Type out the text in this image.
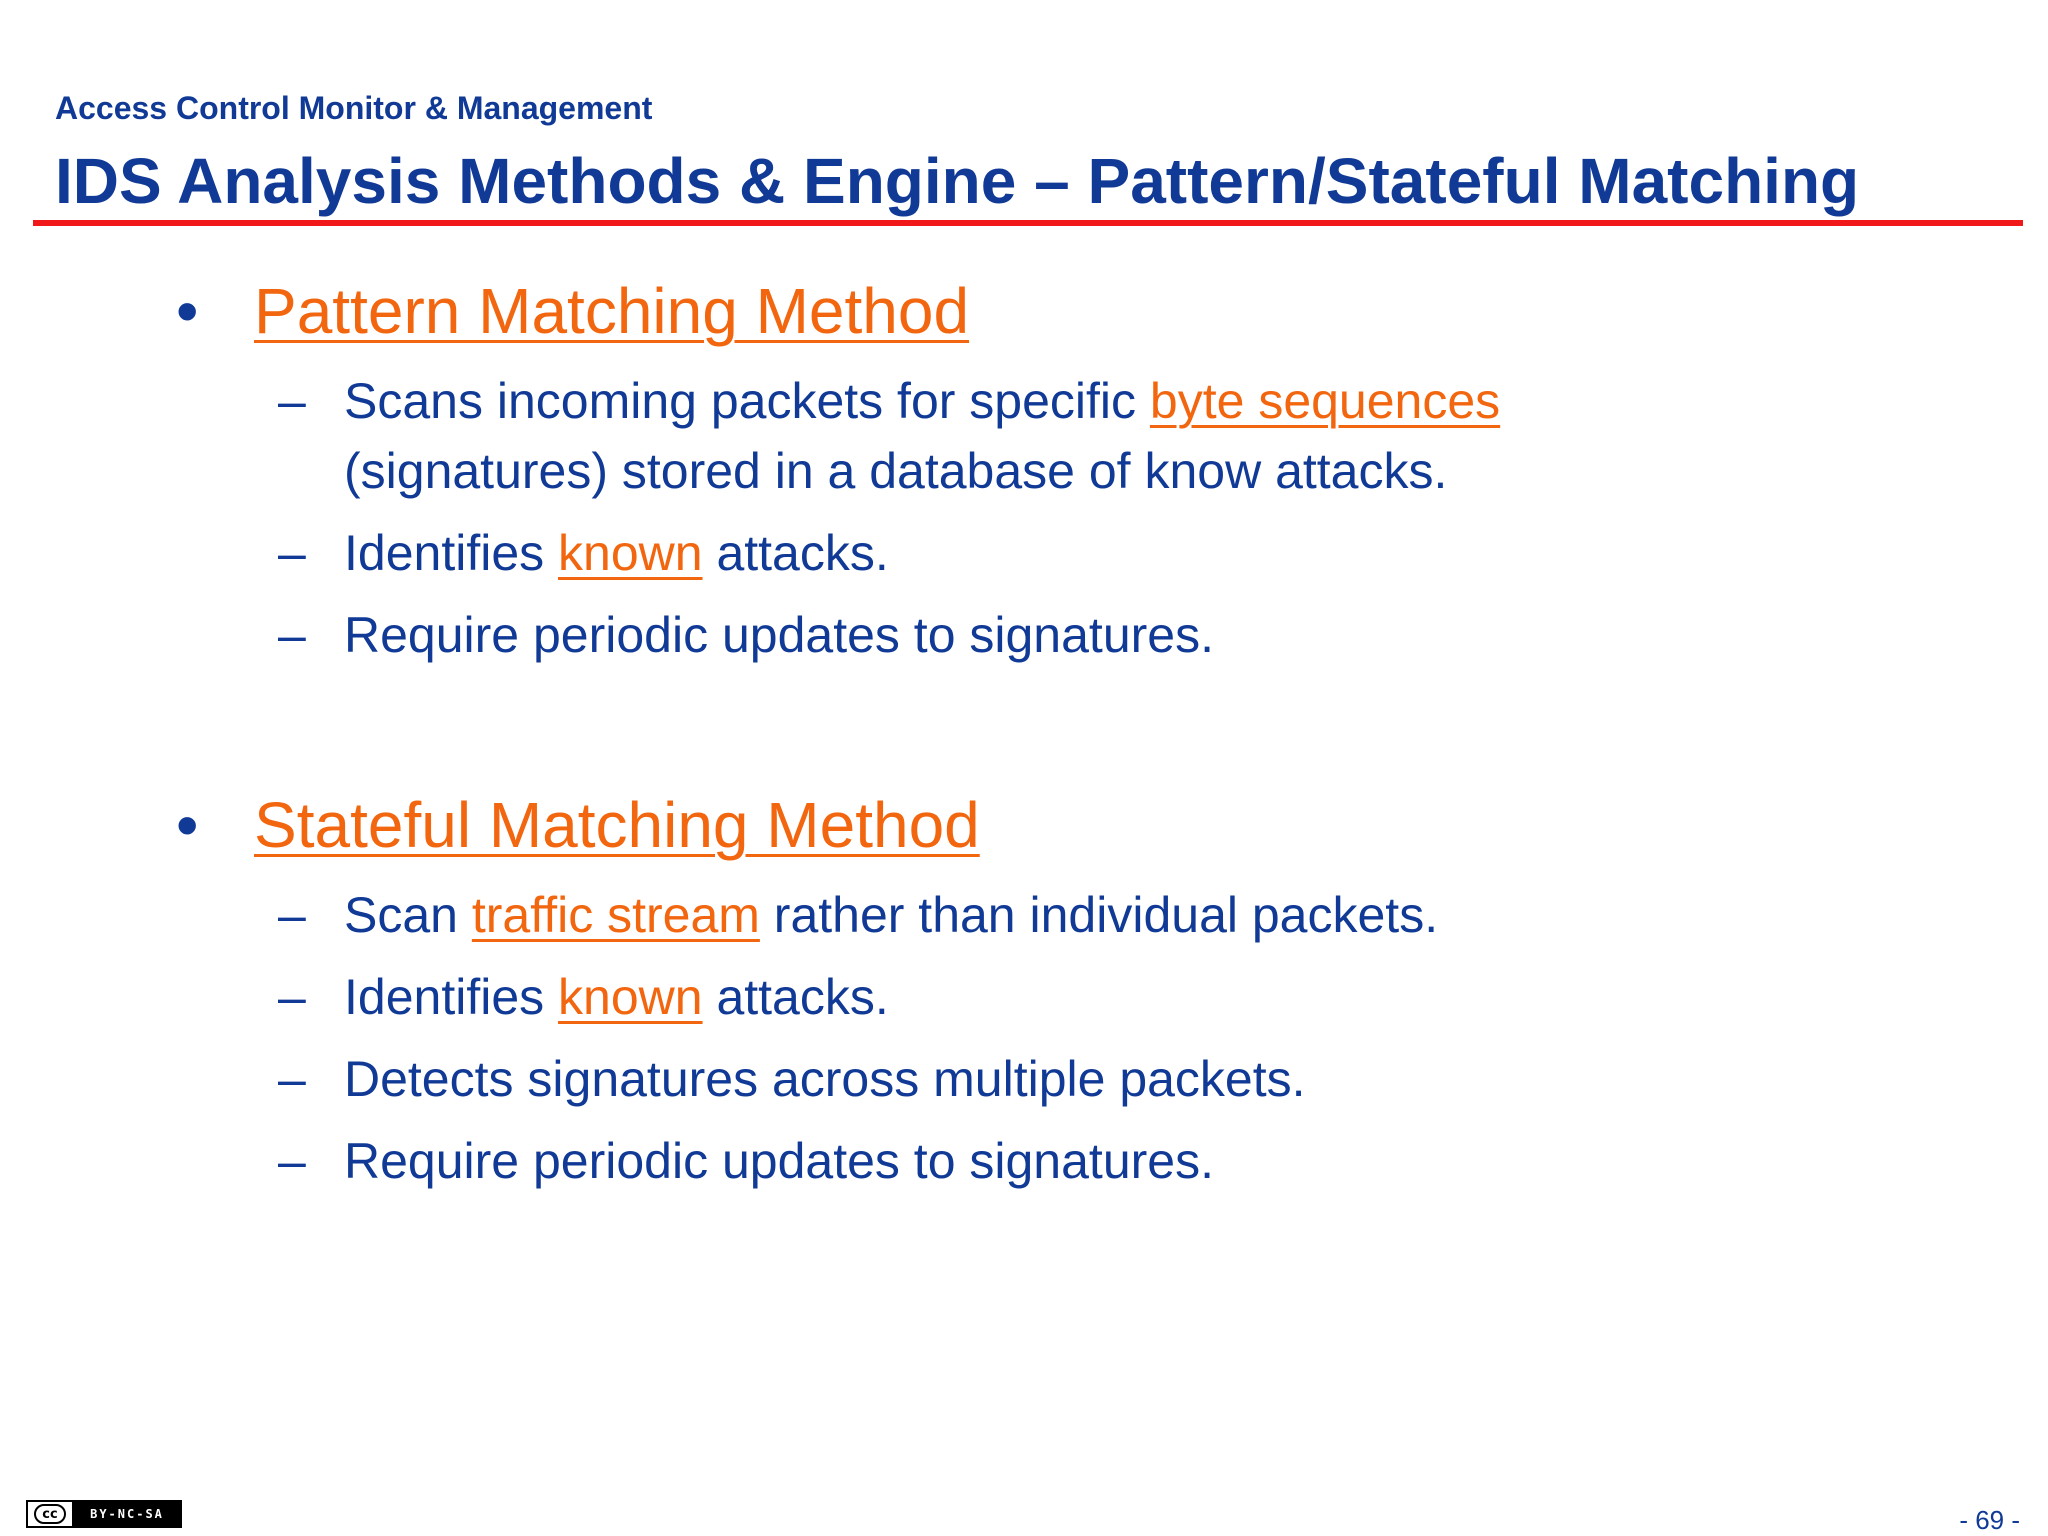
Access Control Monitor & Management
IDS Analysis Methods & Engine – Pattern/Stateful Matching
• Pattern Matching Method
– Scans incoming packets for specific byte sequences
(signatures) stored in a database of know attacks.
– Identifies known attacks.
– Require periodic updates to signatures.
• Stateful Matching Method
– Scan traffic stream rather than individual packets.
– Identifies known attacks.
– Detects signatures across multiple packets.
– Require periodic updates to signatures.
cc	BY-NC-SA	- 69 -
